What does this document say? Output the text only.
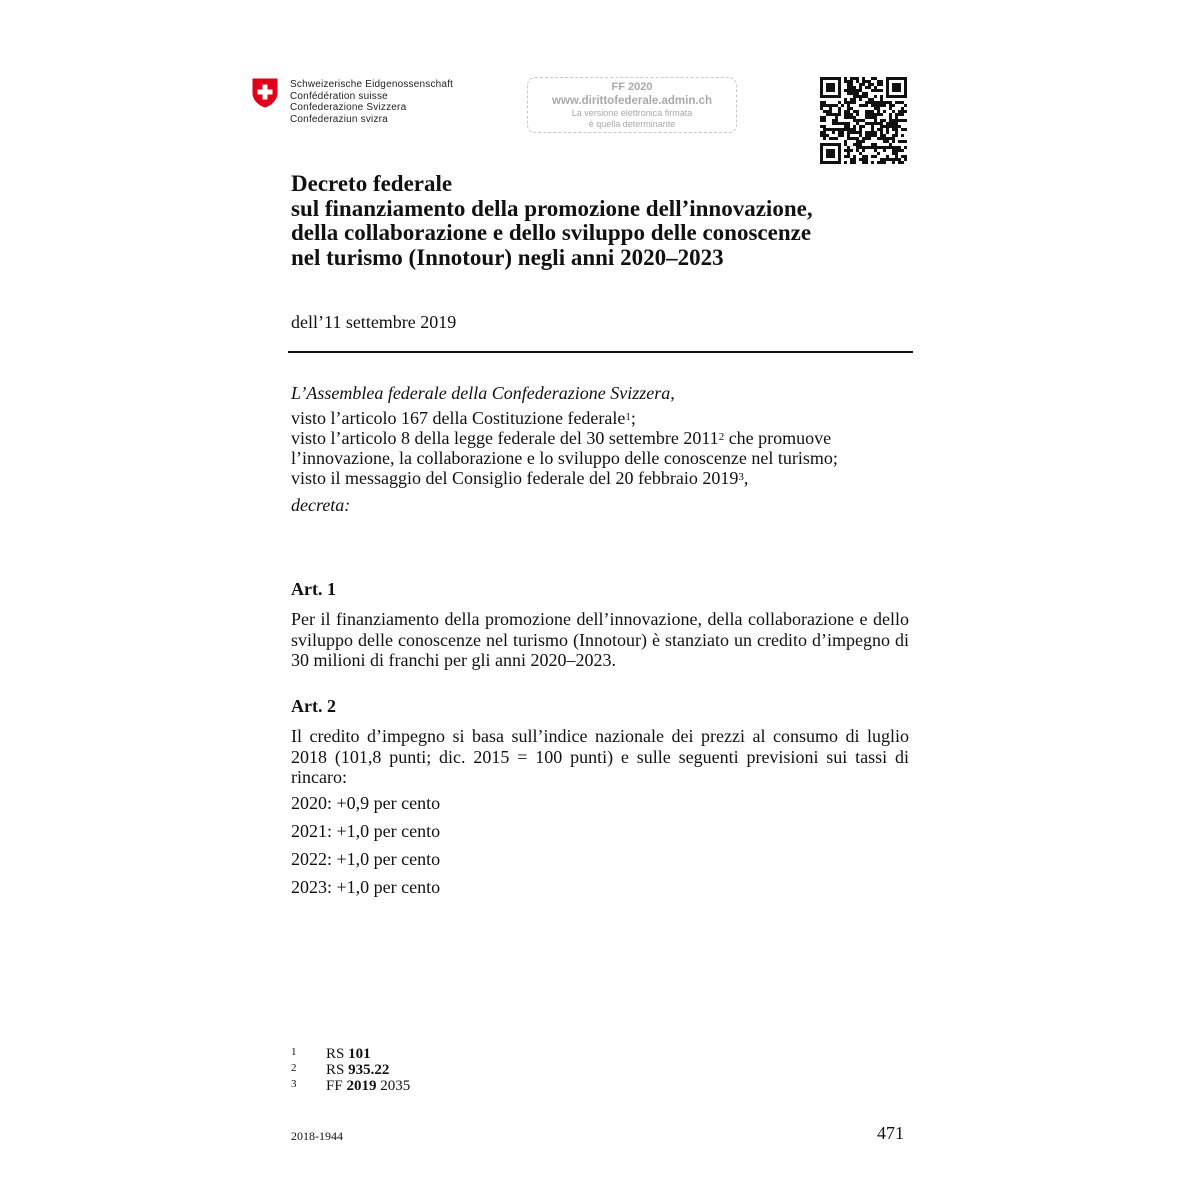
Schweizerische Eidgenossenschaft
Confédération suisse
Confederazione Svizzera
Confederaziun svizra
FF 2020
www.dirittofederale.admin.ch
La versione elettronica firmata
è quella determinante
Decreto federale
sul finanziamento della promozione dell’innovazione,
della collaborazione e dello sviluppo delle conoscenze
nel turismo (Innotour) negli anni 2020–2023
dell’11 settembre 2019
L’Assemblea federale della Confederazione Svizzera,
visto l’articolo 167 della Costituzione federale$^1$;
visto l’articolo 8 della legge federale del 30 settembre 2011$^2$ che promuove
l’innovazione, la collaborazione e lo sviluppo delle conoscenze nel turismo;
visto il messaggio del Consiglio federale del 20 febbraio 2019$^3$,
decreta:
Art. 1
Per il finanziamento della promozione dell’innovazione, della collaborazione e dello
sviluppo delle conoscenze nel turismo (Innotour) è stanziato un credito d’impegno di
30 milioni di franchi per gli anni 2020–2023.
Art. 2
Il credito d’impegno si basa sull’indice nazionale dei prezzi al consumo di luglio
2018 (101,8 punti; dic. 2015 = 100 punti) e sulle seguenti previsioni sui tassi di
rincaro:
2020: +0,9 per cento
2021: +1,0 per cento
2022: +1,0 per cento
2023: +1,0 per cento
1 RS 101
2 RS 935.22
3 FF 2019 2035
2018-1944	471
